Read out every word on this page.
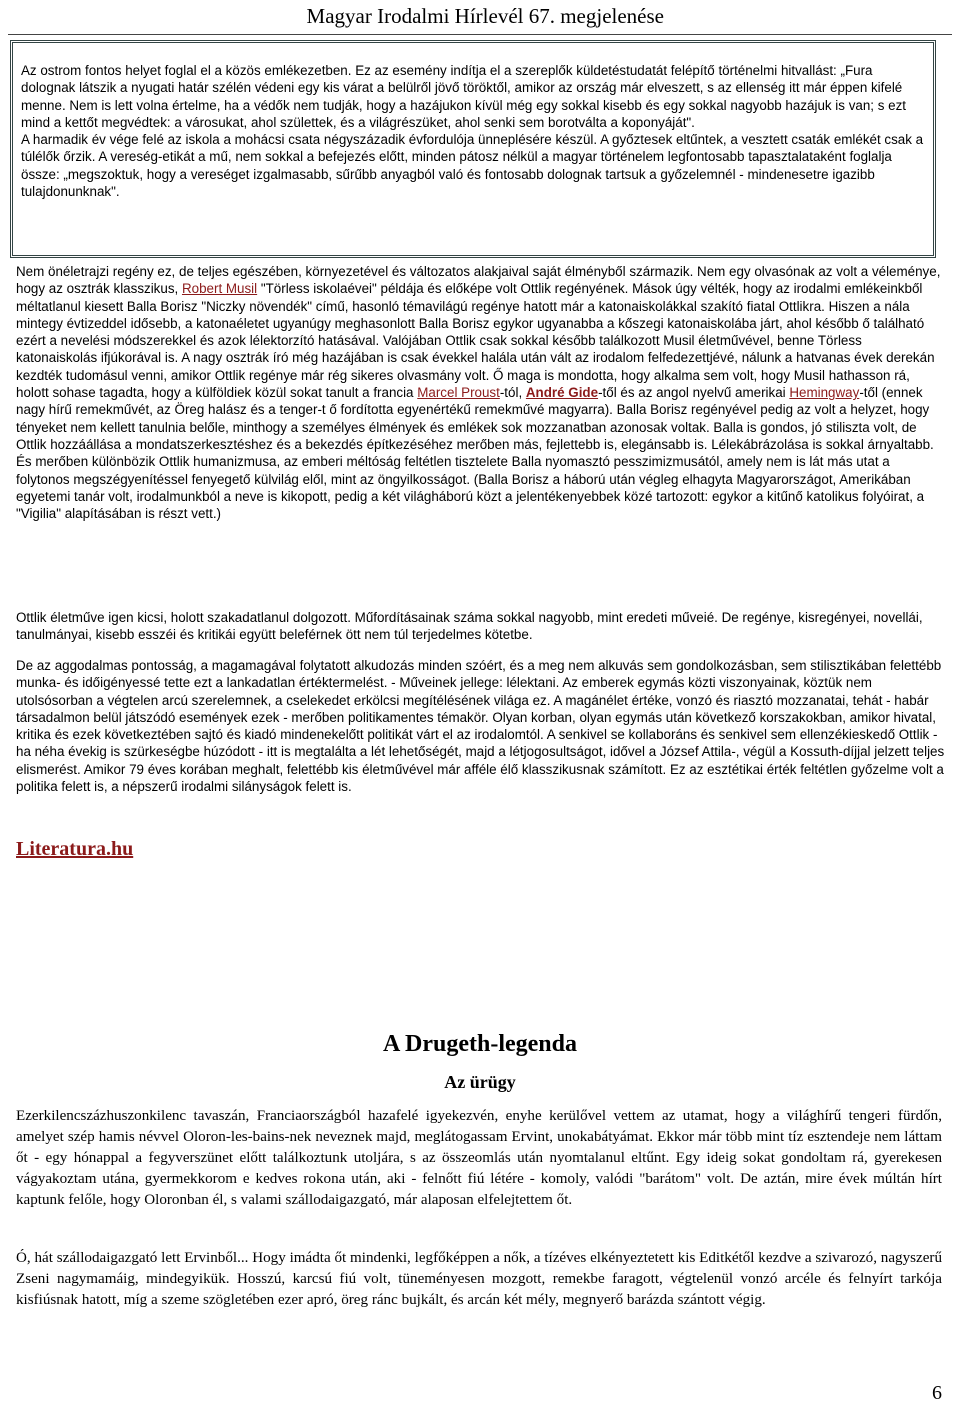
Magyar Irodalmi Hírlevél 67. megjelenése

Az ostrom fontos helyet foglal el a közös emlékezetben. Ez az esemény indítja el a szereplők küldetéstudatát felépítő történelmi hitvallást: „Fura dolognak látszik a nyugati határ szélén védeni egy kis várat a belülről jövő töröktől, amikor az ország már elveszett, s az ellenség itt már éppen kifelé menne. Nem is lett volna értelme, ha a védők nem tudják, hogy a hazájukon kívül még egy sokkal kisebb és egy sokkal nagyobb hazájuk is van; s ezt mind a kettőt megvédtek: a városukat, ahol születtek, és a világrészüket, ahol senki sem borotválta a koponyáját".

A harmadik év vége felé az iskola a mohácsi csata négyszázadik évfordulója ünneplésére készül. A győztesek eltűntek, a vesztett csaták emlékét csak a túlélők őrzik. A vereség-etikát a mű, nem sokkal a befejezés előtt, minden pátosz nélkül a magyar történelem legfontosabb tapasztalataként foglalja össze: „megszoktuk, hogy a vereséget izgalmasabb, sűrűbb anyagból való és fontosabb dolognak tartsuk a győzelemnél - mindenesetre igazibb tulajdonunknak".

Nem önéletrajzi regény ez, de teljes egészében, környezetével és változatos alakjaival saját élményből származik. Nem egy olvasónak az volt a véleménye, hogy az osztrák klasszikus, Robert Musil "Törless iskolaévei" példája és előképe volt Ottlik regényének. Mások úgy vélték, hogy az irodalmi emlékeinkből méltatlanul kiesett Balla Borisz "Niczky növendék" című, hasonló témavilágú regénye hatott már a katonaiskolákkal szakító fiatal Ottlikra. Hiszen a nála mintegy évtizeddel idősebb, a katonaéletet ugyanúgy meghasonlott Balla Borisz egykor ugyanabba a kőszegi katonaiskolába járt, ahol később ő található ezért a nevelési módszerekkel és azok lélektorzító hatásával. Valójában Ottlik csak sokkal később találkozott Musil életművével, benne Törless katonaiskolás ifjúkorával is. A nagy osztrák író még hazájában is csak évekkel halála után vált az irodalom felfedezettjévé, nálunk a hatvanas évek derekán kezdték tudomásul venni, amikor Ottlik regénye már rég sikeres olvasmány volt. Ő maga is mondotta, hogy alkalma sem volt, hogy Musil hathasson rá, holott sohase tagadta, hogy a külföldiek közül sokat tanult a francia Marcel Proust-tól, André Gide-től és az angol nyelvű amerikai Hemingway-től (ennek nagy hírű remekművét, az Öreg halász és a tenger-t ő fordította egyenértékű remekművé magyarra). Balla Borisz regényével pedig az volt a helyzet, hogy tényeket nem kellett tanulnia belőle, minthogy a személyes élmények és emlékek sok mozzanatban azonosak voltak. Balla is gondos, jó stiliszta volt, de Ottlik hozzáállása a mondatszerkesztéshez és a bekezdés építkezéséhez merőben más, fejlettebb is, elegánsabb is. Lélekábrázolása is sokkal árnyaltabb. És merőben különbözik Ottlik humanizmusa, az emberi méltóság feltétlen tisztelete Balla nyomasztó pesszimizmusától, amely nem is lát más utat a folytonos megszégyenítéssel fenyegető külvilág elől, mint az öngyilkosságot. (Balla Borisz a háború után végleg elhagyta Magyarországot, Amerikában egyetemi tanár volt, irodalmunkból a neve is kikopott, pedig a két világháború közt a jelentékenyebbek közé tartozott: egykor a kitűnő katolikus folyóirat, a "Vigilia" alapításában is részt vett.)

Ottlik életműve igen kicsi, holott szakadatlanul dolgozott. Műfordításainak száma sokkal nagyobb, mint eredeti műveié. De regénye, kisregényei, novellái, tanulmányai, kisebb esszéi és kritikái együtt beleférnek ött nem túl terjedelmes kötetbe.

De az aggodalmas pontosság, a magamagával folytatott alkudozás minden szóért, és a meg nem alkuvás sem gondolkozásban, sem stilisztikában felettébb munka- és időigényessé tette ezt a lankadatlan értéktermelést. - Műveinek jellege: lélektani. Az emberek egymás közti viszonyainak, köztük nem utolsósorban a végtelen arcú szerelemnek, a cselekedet erkölcsi megítélésének világa ez. A magánélet értéke, vonzó és riasztó mozzanatai, tehát - habár társadalmon belül játszódó események ezek - merőben politikamentes témakör. Olyan korban, olyan egymás után következő korszakokban, amikor hivatal, kritika és ezek következtében sajtó és kiadó mindenekelőtt politikát várt el az irodalomtól. A senkivel se kollaboráns és senkivel sem ellenzékieskedő Ottlik - ha néha évekig is szürkeségbe húzódott - itt is megtalálta a lét lehetőségét, majd a létjogosultságot, idővel a József Attila-, végül a Kossuth-díjjal jelzett teljes elismerést. Amikor 79 éves korában meghalt, felettébb kis életművével már afféle élő klasszikusnak számított. Ez az esztétikai érték feltétlen győzelme volt a politika felett is, a népszerű irodalmi silányságok felett is.

Literatura.hu
A Drugeth-legenda
Az ürügy

Ezerkilencszázhuszonkilenc tavaszán, Franciaországból hazafelé igyekezvén, enyhe kerülővel vettem az utamat, hogy a világhírű tengeri fürdőn, amelyet szép hamis névvel Oloron-les-bains-nek neveznek majd, meglátogassam Ervint, unokabátyámat. Ekkor már több mint tíz esztendeje nem láttam őt - egy hónappal a fegyverszünet előtt találkoztunk utoljára, s az összeomlás után nyomtalanul eltűnt. Egy ideig sokat gondoltam rá, gyerekesen vágyakoztam utána, gyermekkorom e kedves rokona után, aki - felnőtt fiú létére - komoly, valódi "barátom" volt. De aztán, mire évek múltán hírt kaptunk felőle, hogy Oloronban él, s valami szállodaigazgató, már alaposan elfelejtettem őt.

Ó, hát szállodaigazgató lett Ervinből... Hogy imádta őt mindenki, legfőképpen a nők, a tízéves elkényeztetett kis Editkétől kezdve a szivarozó, nagyszerű Zseni nagymamáig, mindegyikük. Hosszú, karcsú fiú volt, tüneményesen mozgott, remekbe faragott, végtelenül vonzó arcéle és felnyírt tarkója kisfiúsnak hatott, míg a szeme szögletében ezer apró, öreg ránc bujkált, és arcán két mély, megnyerő barázda szántott végig.

6
